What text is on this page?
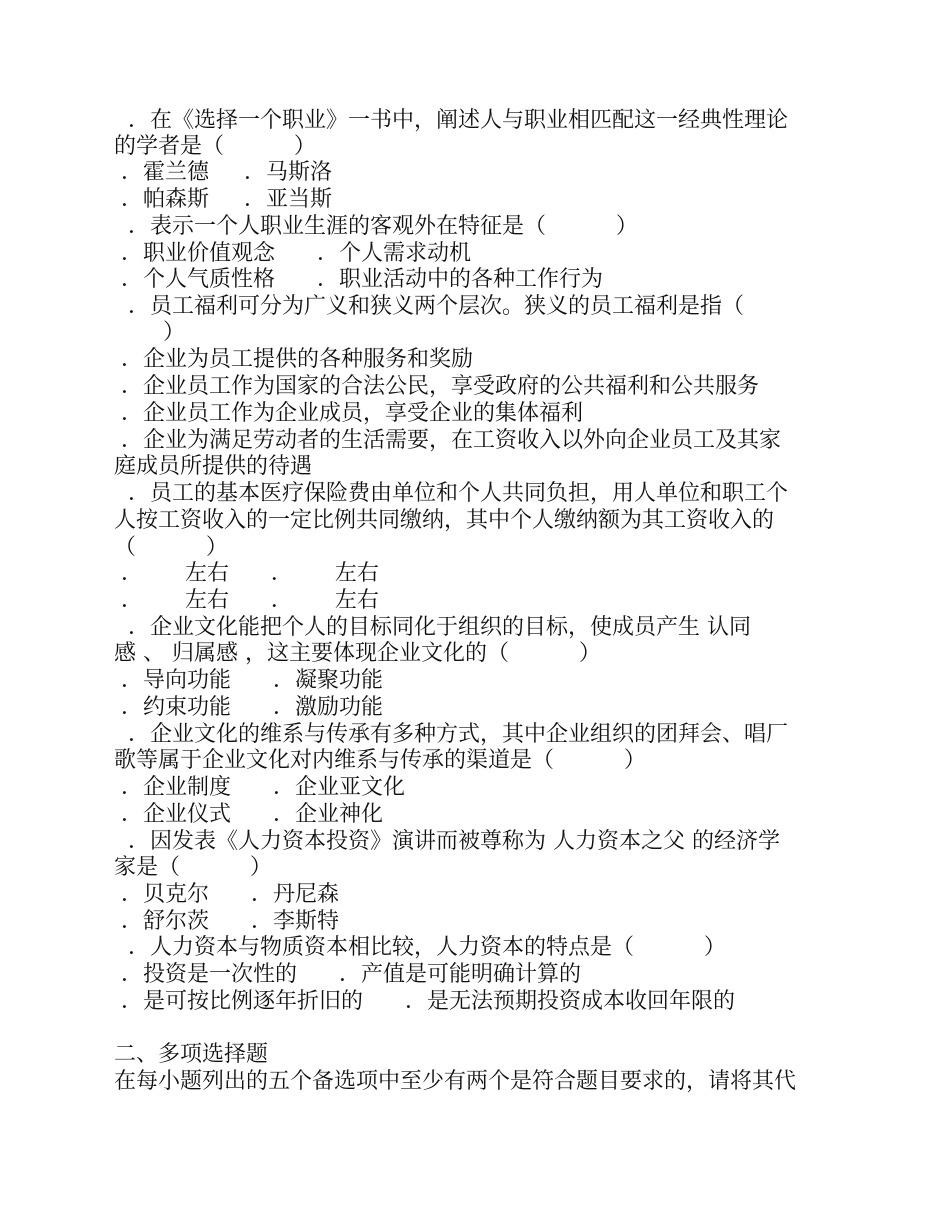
．在《选择一个职业》一书中，阐述人与职业相匹配这一经典性理论
的学者是（          ）
．霍兰德     ．马斯洛
．帕森斯     ．亚当斯
．表示一个人职业生涯的客观外在特征是（          ）
．职业价值观念      ．个人需求动机
．个人气质性格      ．职业活动中的各种工作行为
．员工福利可分为广义和狭义两个层次。狭义的员工福利是指（
）
．企业为员工提供的各种服务和奖励
．企业员工作为国家的合法公民，享受政府的公共福利和公共服务
．企业员工作为企业成员，享受企业的集体福利
．企业为满足劳动者的生活需要，在工资收入以外向企业员工及其家
庭成员所提供的待遇
．员工的基本医疗保险费由单位和个人共同负担，用人单位和职工个
人按工资收入的一定比例共同缴纳，其中个人缴纳额为其工资收入的
（          ）
．      左右      ．      左右
．      左右      ．      左右
．企业文化能把个人的目标同化于组织的目标，使成员产生 认同
感 、 归属感 ，这主要体现企业文化的（          ）
．导向功能      ．凝聚功能
．约束功能      ．激励功能
．企业文化的维系与传承有多种方式，其中企业组织的团拜会、唱厂
歌等属于企业文化对内维系与传承的渠道是（          ）
．企业制度      ．企业亚文化
．企业仪式      ．企业神化
．因发表《人力资本投资》演讲而被尊称为 人力资本之父 的经济学
家是（          ）
．贝克尔      ．丹尼森
．舒尔茨      ．李斯特
．人力资本与物质资本相比较，人力资本的特点是（          ）
．投资是一次性的      ．产值是可能明确计算的
．是可按比例逐年折旧的      ．是无法预期投资成本收回年限的
二、多项选择题
在每小题列出的五个备选项中至少有两个是符合题目要求的，请将其代
